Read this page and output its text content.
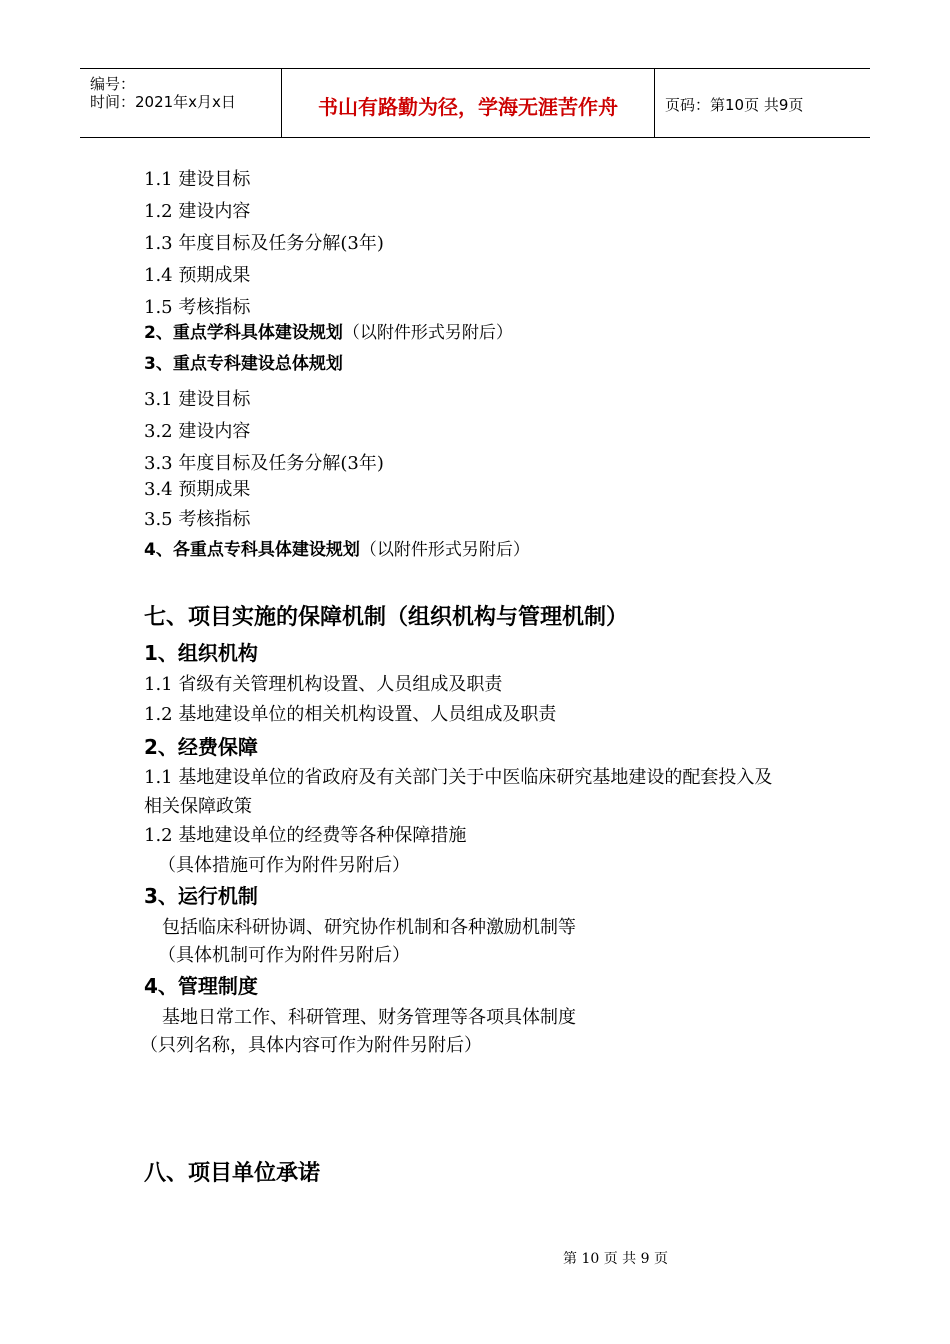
编号：
时间：2021年x月x日	书山有路勤为径，学海无涯苦作舟	页码：第10页 共9页
1.1 建设目标
1.2 建设内容
1.3 年度目标及任务分解(3年)
1.4 预期成果
1.5 考核指标
2、重点学科具体建设规划（以附件形式另附后）
3、重点专科建设总体规划
3.1 建设目标
3.2 建设内容
3.3 年度目标及任务分解(3年)
3.4 预期成果
3.5 考核指标
4、各重点专科具体建设规划（以附件形式另附后）
七、项目实施的保障机制（组织机构与管理机制）
1、组织机构
1.1 省级有关管理机构设置、人员组成及职责
1.2 基地建设单位的相关机构设置、人员组成及职责
2、经费保障
1.1 基地建设单位的省政府及有关部门关于中医临床研究基地建设的配套投入及
相关保障政策
1.2 基地建设单位的经费等各种保障措施
（具体措施可作为附件另附后）
3、运行机制
包括临床科研协调、研究协作机制和各种激励机制等
（具体机制可作为附件另附后）
4、管理制度
基地日常工作、科研管理、财务管理等各项具体制度
（只列名称，具体内容可作为附件另附后）
八、项目单位承诺
第 10 页 共 9 页
